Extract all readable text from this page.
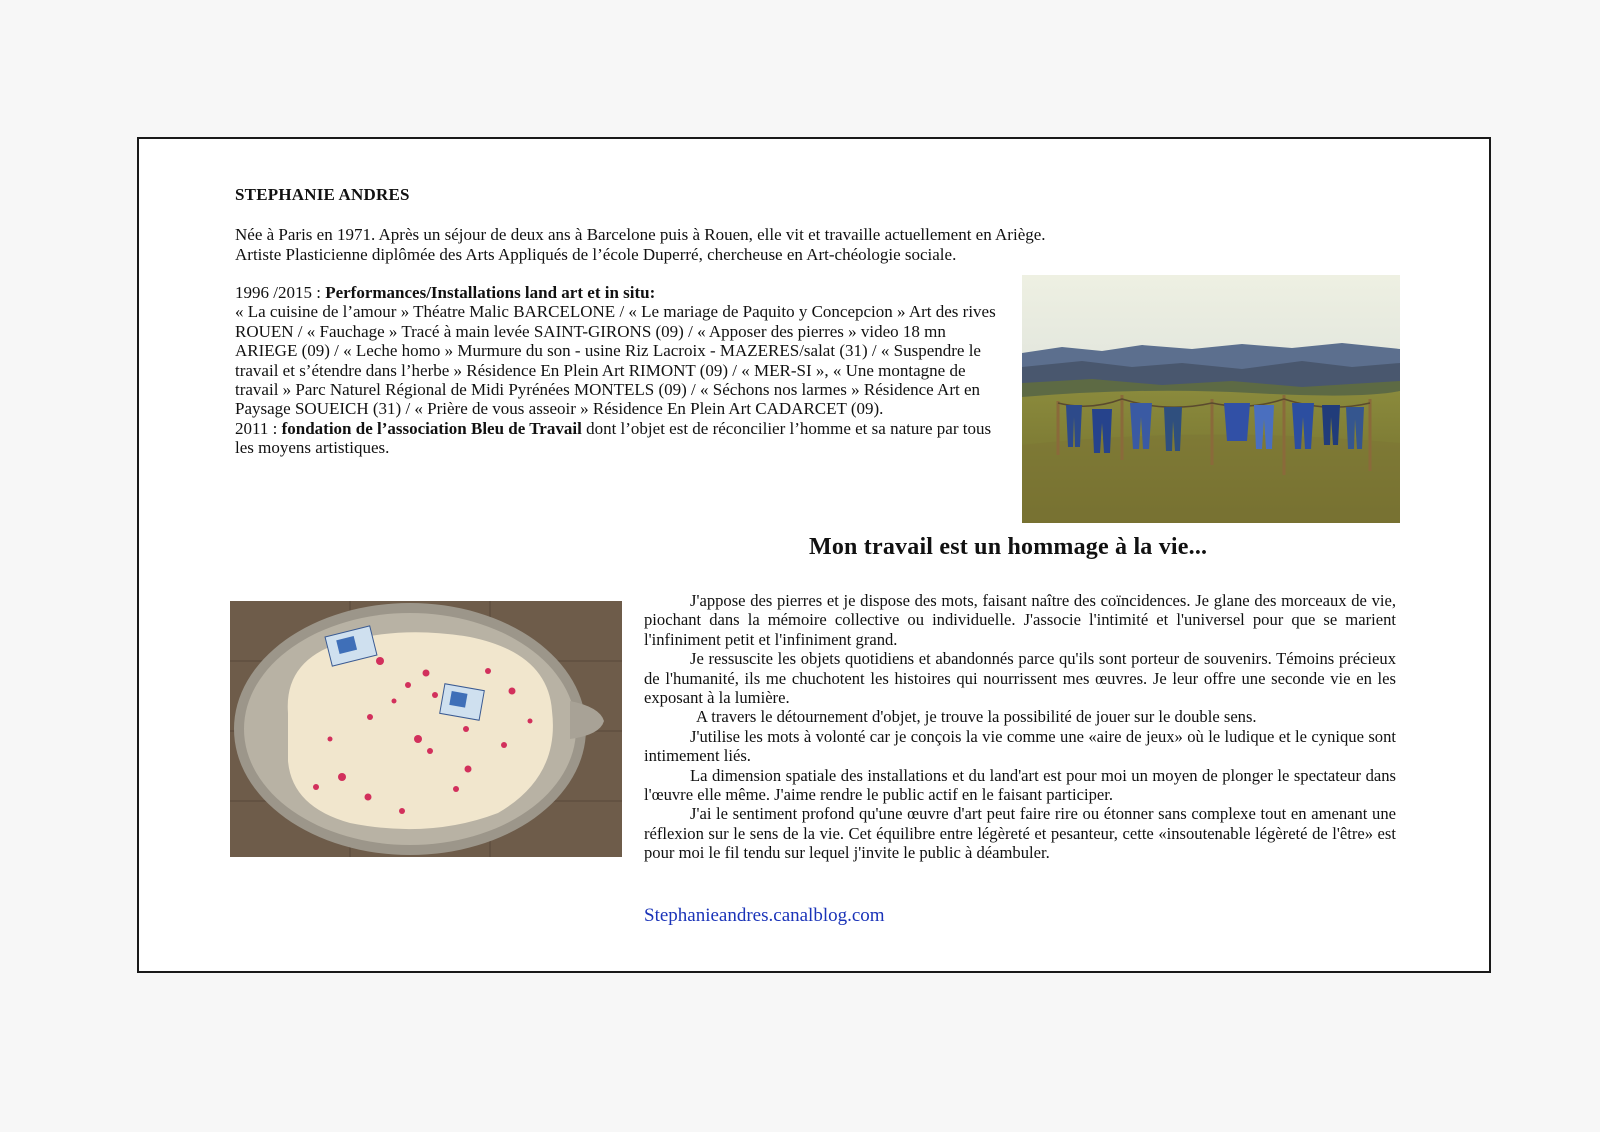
STEPHANIE ANDRES
Née à Paris en 1971. Après un séjour de deux ans à Barcelone puis à Rouen, elle vit et travaille actuellement en Ariège.
Artiste Plasticienne diplômée des Arts Appliqués de l’école Duperré, chercheuse en Art-chéologie sociale.

1996 /2015 : Performances/Installations land art et in situ:

« La cuisine de l’amour » Théatre Malic BARCELONE / « Le mariage de Paquito y Concepcion » Art des rives ROUEN / « Fauchage » Tracé à main levée SAINT-GIRONS (09) / « Apposer des pierres » video 18 mn ARIEGE (09) / « Leche homo » Murmure du son - usine Riz Lacroix - MAZERES/salat (31) / « Suspendre le travail et s’étendre dans l’herbe » Résidence En Plein Art RIMONT (09) / « MER-SI », « Une montagne de travail » Parc Naturel Régional de Midi Pyrénées MONTELS (09) / « Séchons nos larmes » Résidence Art en Paysage SOUEICH (31) / « Prière de vous asseoir » Résidence En Plein Art CADARCET (09).

2011 : fondation de l’association Bleu de Travail dont l’objet est de réconcilier l’homme et sa nature par tous les moyens artistiques.

Mon travail est un hommage à la vie...

J'appose des pierres et je dispose des mots, faisant naître des coïncidences. Je glane des morceaux de vie, piochant dans la mémoire collective ou individuelle. J'associe l'intimité et l'universel pour que se marient l'infiniment petit et l'infiniment grand.

Je ressuscite les objets quotidiens et abandonnés parce qu'ils sont porteur de souvenirs. Témoins précieux de l'humanité, ils me chuchotent les histoires qui nourrissent mes œuvres. Je leur offre une seconde vie en les exposant à la lumière.

A travers le détournement d'objet, je trouve la possibilité de jouer sur le double sens.

J'utilise les mots à volonté car je conçois la vie comme une «aire de jeux» où le ludique et le cynique sont intimement liés.

La dimension spatiale des installations et du land'art est pour moi un moyen de plonger le spectateur dans l'œuvre elle même. J'aime rendre le public actif en le faisant participer.

J'ai le sentiment profond qu'une œuvre d'art peut faire rire ou étonner sans complexe tout en amenant une réflexion sur le sens de la vie. Cet équilibre entre légèreté et pesanteur, cette «insoutenable légèreté de l'être» est pour moi le fil tendu sur lequel j'invite le public à déambuler.

Stephanieandres.canalblog.com
